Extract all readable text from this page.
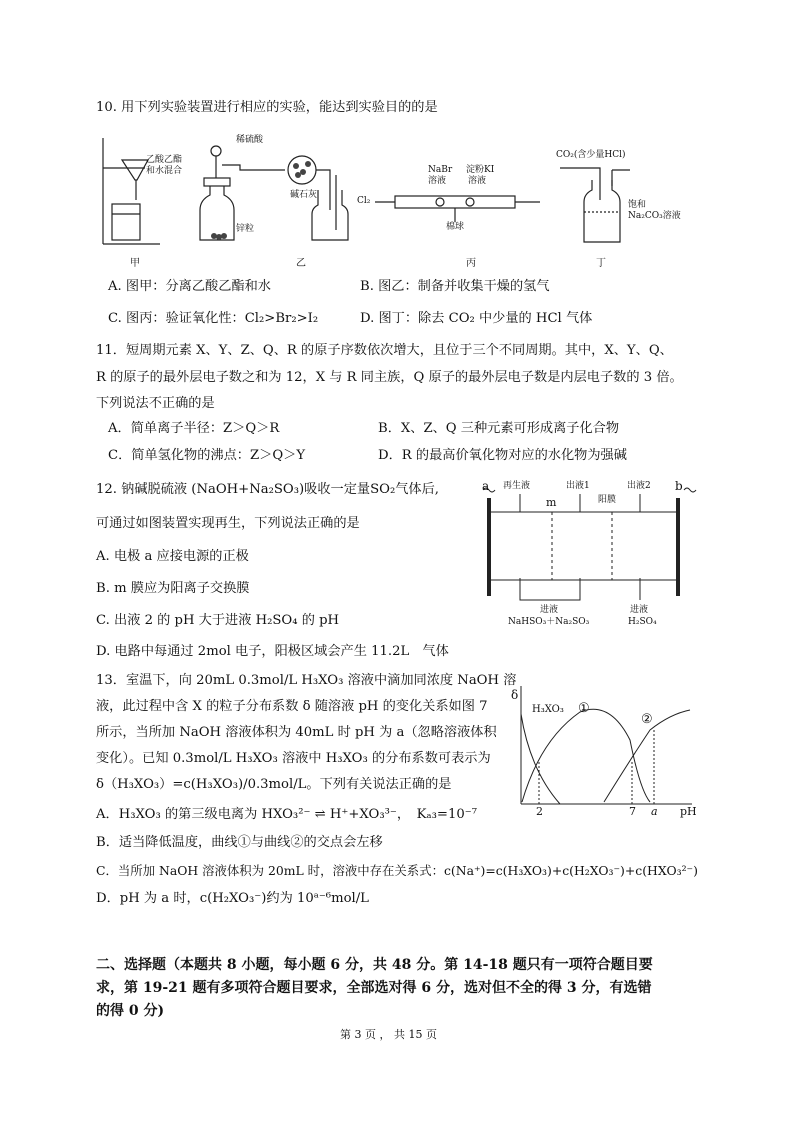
10. 用下列实验装置进行相应的实验，能达到实验目的的是
乙酸乙酯
和水混合
稀硫酸
碱石灰
锌粒
Cl₂
NaBr
溶液
淀粉KI
溶液
棉球
CO₂(含少量HCl)
饱和
Na₂CO₃溶液
甲	乙	丙	丁
A. 图甲：分离乙酸乙酯和水	B. 图乙：制备并收集干燥的氢气
C. 图丙：验证氧化性：Cl₂>Br₂>I₂	D. 图丁：除去 CO₂ 中少量的 HCl 气体
11．短周期元素 X、Y、Z、Q、R 的原子序数依次增大，且位于三个不同周期。其中，X、Y、Q、
R 的原子的最外层电子数之和为 12，X 与 R 同主族，Q 原子的最外层电子数是内层电子数的 3 倍。
下列说法不正确的是
A．简单离子半径：Z＞Q＞R	B．X、Z、Q 三种元素可形成离子化合物
C．简单氢化物的沸点：Z＞Q＞Y	D．R 的最高价氧化物对应的水化物为强碱
12. 钠碱脱硫液 (NaOH+Na₂SO₃)吸收一定量SO₂气体后,
可通过如图装置实现再生，下列说法正确的是
A. 电极 a 应接电源的正极
B. m 膜应为阳离子交换膜
C. 出液 2 的 pH 大于进液 H₂SO₄ 的 pH
D. 电路中每通过 2mol 电子，阳极区域会产生 11.2L　气体
a	b
再生液
m
出液1
阳膜
出液2
进液
NaHSO₃＋Na₂SO₃
进液
H₂SO₄
13．室温下，向 20mL 0.3mol/L H₃XO₃ 溶液中滴加同浓度 NaOH 溶
液，此过程中含 X 的粒子分布系数 δ 随溶液 pH 的变化关系如图 7
所示，当所加 NaOH 溶液体积为 40mL 时 pH 为 a（忽略溶液体积
变化）。已知 0.3mol/L H₃XO₃ 溶液中 H₃XO₃ 的分布系数可表示为
δ（H₃XO₃）=c(H₃XO₃)/0.3mol/L。下列有关说法正确的是
A．H₃XO₃ 的第三级电离为 HXO₃²⁻ ⇌ H⁺+XO₃³⁻，　Kₐ₃=10⁻⁷
B．适当降低温度，曲线①与曲线②的交点会左移
C．当所加 NaOH 溶液体积为 20mL 时，溶液中存在关系式：c(Na⁺)=c(H₃XO₃)+c(H₂XO₃⁻)+c(HXO₃²⁻)
D．pH 为 a 时，c(H₂XO₃⁻)约为 10ᵃ⁻⁶mol/L
δ
H₃XO₃ ①
②
2	7 a pH
二、选择题（本题共 8 小题，每小题 6 分，共 48 分。第 14-18 题只有一项符合题目要
求，第 19-21 题有多项符合题目要求，全部选对得 6 分，选对但不全的得 3 分，有选错
的得 0 分)
第 3 页 ， 共 15 页
